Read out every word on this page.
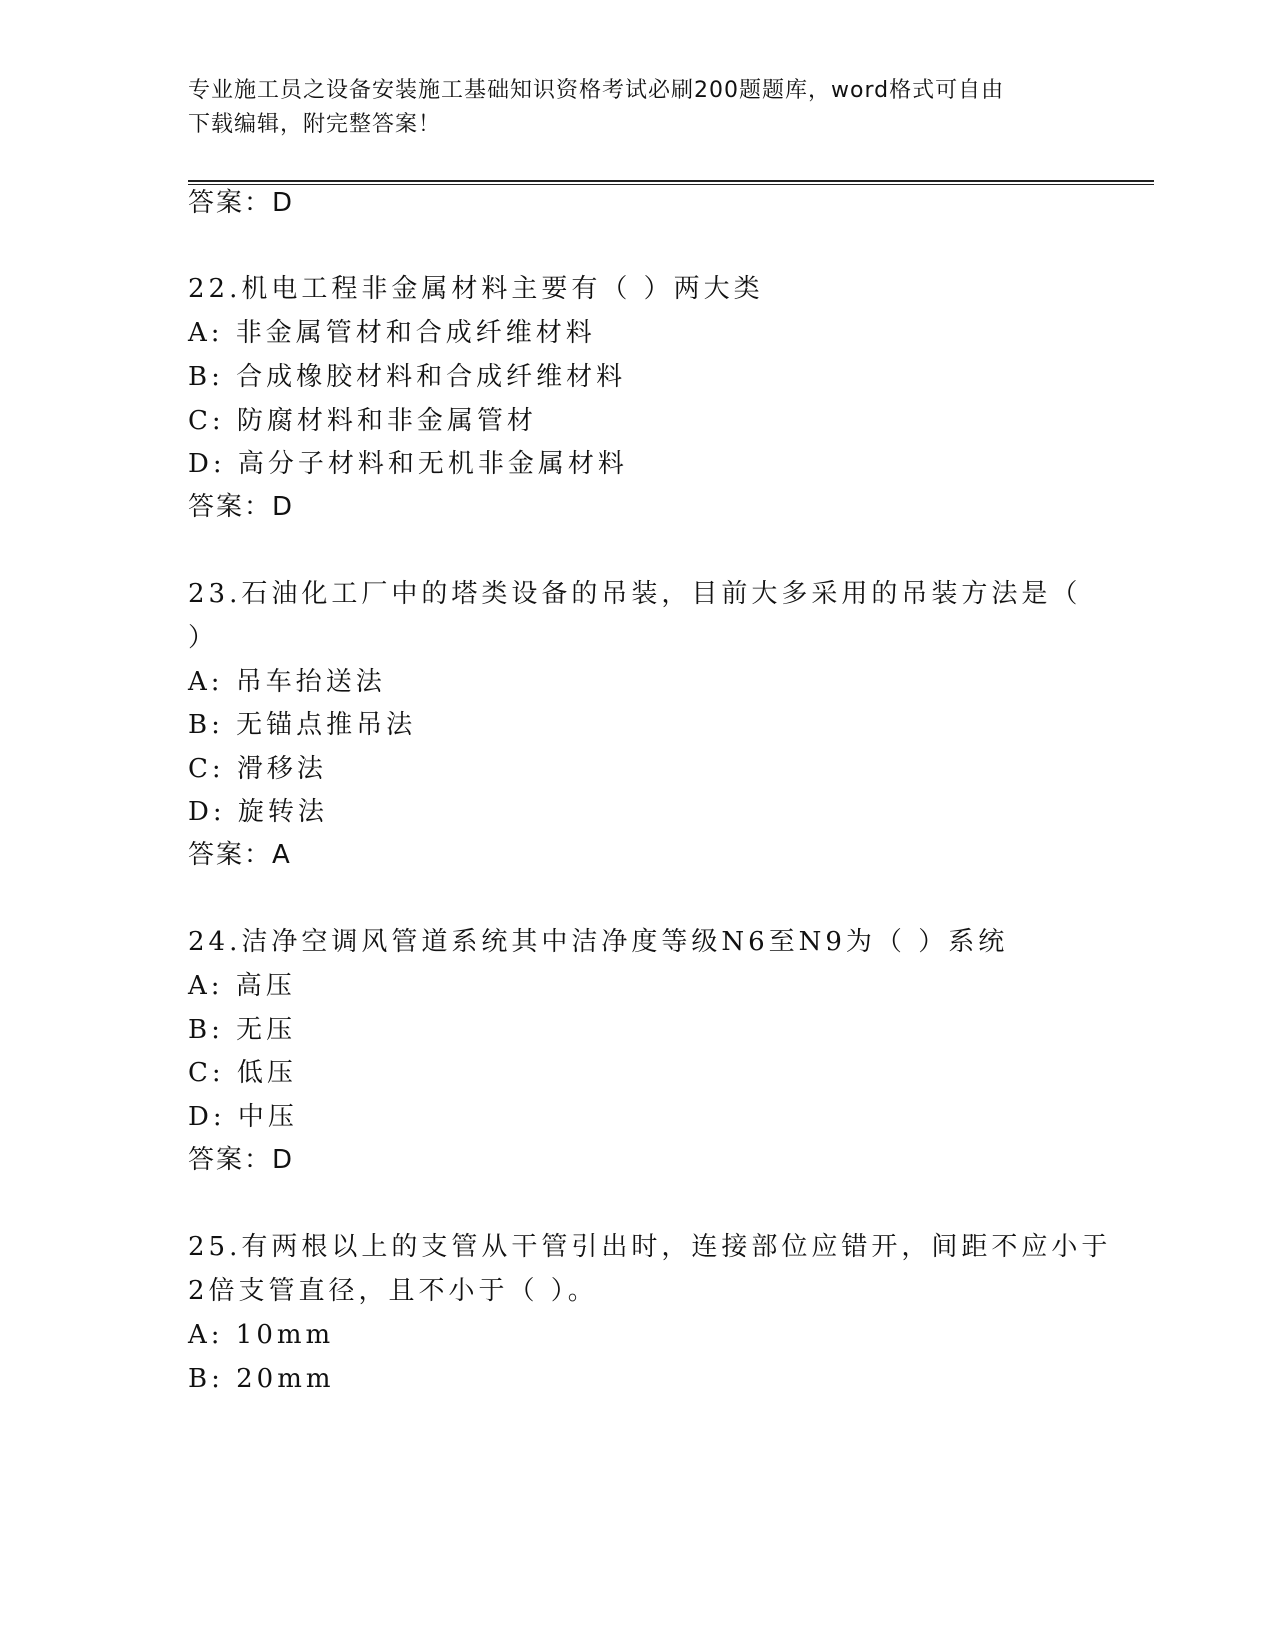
专业施工员之设备安装施工基础知识资格考试必刷200题题库，word格式可自由
下载编辑，附完整答案！
答案：D
22.机电工程非金属材料主要有（ ）两大类
A: 非金属管材和合成纤维材料
B: 合成橡胶材料和合成纤维材料
C: 防腐材料和非金属管材
D: 高分子材料和无机非金属材料
答案：D
23.石油化工厂中的塔类设备的吊装，目前大多采用的吊装方法是（
）
A: 吊车抬送法
B: 无锚点推吊法
C: 滑移法
D: 旋转法
答案：A
24.洁净空调风管道系统其中洁净度等级N6至N9为（ ）系统
A: 高压
B: 无压
C: 低压
D: 中压
答案：D
25.有两根以上的支管从干管引出时，连接部位应错开，间距不应小于
2倍支管直径，且不小于（ ）。
A: 10mm
B: 20mm
